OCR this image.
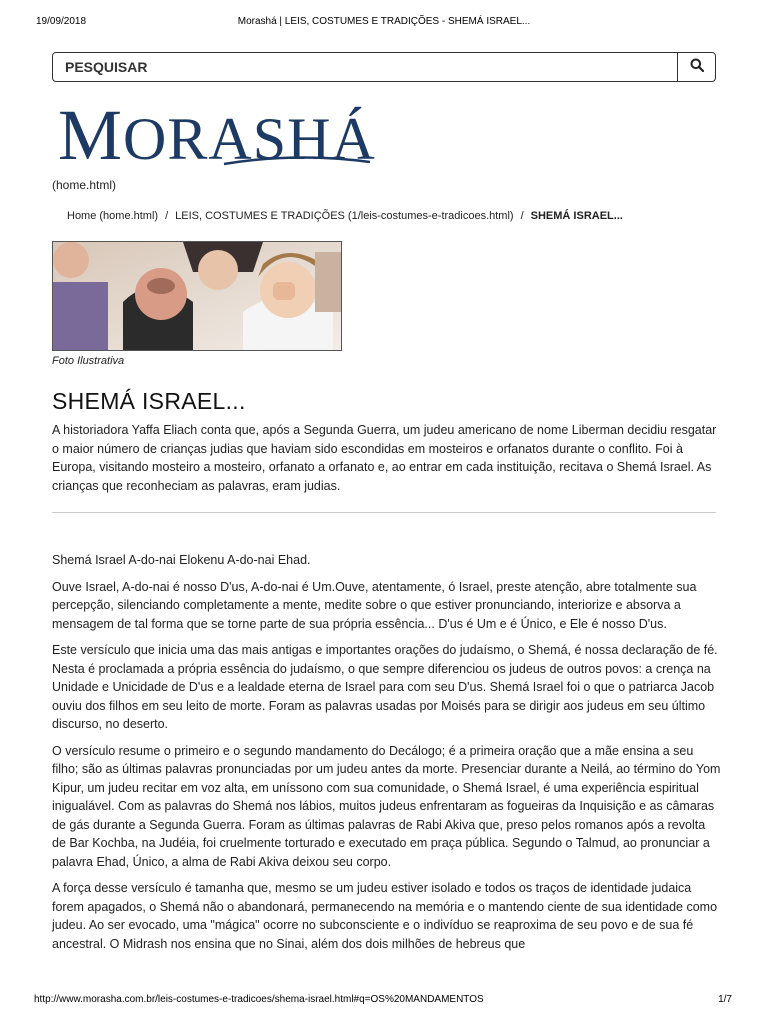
19/09/2018	Morashá | LEIS, COSTUMES E TRADIÇÕES - SHEMÁ ISRAEL...
PESQUISAR
MORASHÁ
(home.html)
Home (home.html) / LEIS, COSTUMES E TRADIÇÕES (1/leis-costumes-e-tradicoes.html) / SHEMÁ ISRAEL...
Foto Ilustrativa
SHEMÁ ISRAEL...

A historiadora Yaffa Eliach conta que, após a Segunda Guerra, um judeu americano de nome Liberman decidiu resgatar o maior número de crianças judias que haviam sido escondidas em mosteiros e orfanatos durante o conflito. Foi à Europa, visitando mosteiro a mosteiro, orfanato a orfanato e, ao entrar em cada instituição, recitava o Shemá Israel. As crianças que reconheciam as palavras, eram judias.

Shemá Israel A-do-nai Elokenu A-do-nai Ehad.

Ouve Israel, A-do-nai é nosso D'us, A-do-nai é Um.Ouve, atentamente, ó Israel, preste atenção, abre totalmente sua percepção, silenciando completamente a mente, medite sobre o que estiver pronunciando, interiorize e absorva a mensagem de tal forma que se torne parte de sua própria essência... D'us é Um e é Único, e Ele é nosso D'us.

Este versículo que inicia uma das mais antigas e importantes orações do judaísmo, o Shemá, é nossa declaração de fé. Nesta é proclamada a própria essência do judaísmo, o que sempre diferenciou os judeus de outros povos: a crença na Unidade e Unicidade de D'us e a lealdade eterna de Israel para com seu D'us. Shemá Israel foi o que o patriarca Jacob ouviu dos filhos em seu leito de morte. Foram as palavras usadas por Moisés para se dirigir aos judeus em seu último discurso, no deserto.

O versículo resume o primeiro e o segundo mandamento do Decálogo; é a primeira oração que a mãe ensina a seu filho; são as últimas palavras pronunciadas por um judeu antes da morte. Presenciar durante a Neilá, ao término do Yom Kipur, um judeu recitar em voz alta, em uníssono com sua comunidade, o Shemá Israel, é uma experiência espiritual inigualável. Com as palavras do Shemá nos lábios, muitos judeus enfrentaram as fogueiras da Inquisição e as câmaras de gás durante a Segunda Guerra. Foram as últimas palavras de Rabi Akiva que, preso pelos romanos após a revolta de Bar Kochba, na Judéia, foi cruelmente torturado e executado em praça pública. Segundo o Talmud, ao pronunciar a palavra Ehad, Único, a alma de Rabi Akiva deixou seu corpo.

A força desse versículo é tamanha que, mesmo se um judeu estiver isolado e todos os traços de identidade judaica forem apagados, o Shemá não o abandonará, permanecendo na memória e o mantendo ciente de sua identidade como judeu. Ao ser evocado, uma "mágica" ocorre no subconsciente e o indivíduo se reaproxima de seu povo e de sua fé ancestral. O Midrash nos ensina que no Sinai, além dos dois milhões de hebreus que

http://www.morasha.com.br/leis-costumes-e-tradicoes/shema-israel.html#q=OS%20MANDAMENTOS	1/7
